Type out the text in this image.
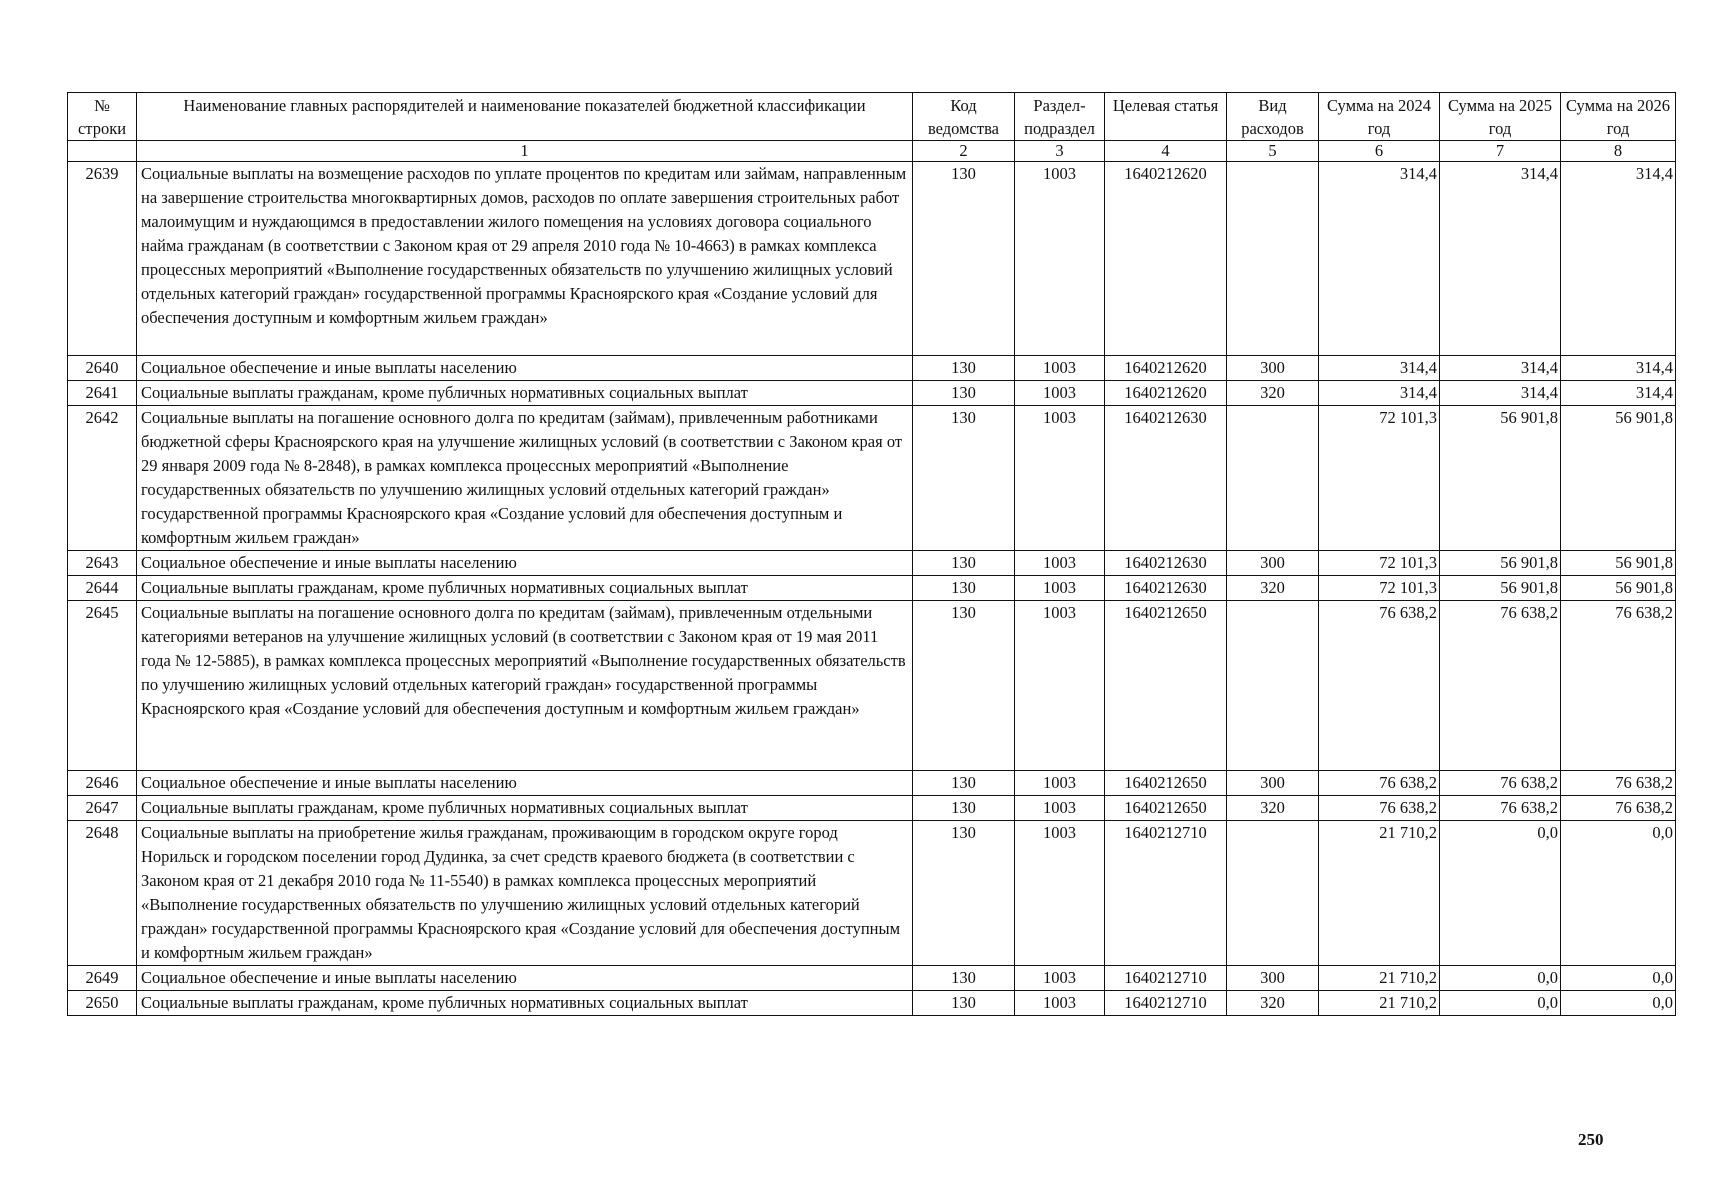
№ строки	Наименование главных распорядителей и наименование показателей бюджетной классификации	Код ведомства	Раздел-подраздел	Целевая статья	Вид расходов	Сумма на 2024 год	Сумма на 2025 год	Сумма на 2026 год
	1	2	3	4	5	6	7	8
2639	Социальные выплаты на возмещение расходов по уплате процентов по кредитам или займам, направленным на завершение строительства многоквартирных домов, расходов по оплате завершения строительных работ малоимущим и нуждающимся в предоставлении жилого помещения на условиях договора социального найма гражданам (в соответствии с Законом края от 29 апреля 2010 года № 10-4663) в рамках комплекса процессных мероприятий «Выполнение государственных обязательств по улучшению жилищных условий отдельных категорий граждан» государственной программы Красноярского края «Создание условий для обеспечения доступным и комфортным жильем граждан»	130	1003	1640212620		314,4	314,4	314,4
2640	Социальное обеспечение и иные выплаты населению	130	1003	1640212620	300	314,4	314,4	314,4
2641	Социальные выплаты гражданам, кроме публичных нормативных социальных выплат	130	1003	1640212620	320	314,4	314,4	314,4
2642	Социальные выплаты на погашение основного долга по кредитам (займам), привлеченным работниками бюджетной сферы Красноярского края на улучшение жилищных условий (в соответствии с Законом края от 29 января 2009 года № 8-2848), в рамках комплекса процессных мероприятий «Выполнение государственных обязательств по улучшению жилищных условий отдельных категорий граждан» государственной программы Красноярского края «Создание условий для обеспечения доступным и комфортным жильем граждан»	130	1003	1640212630		72 101,3	56 901,8	56 901,8
2643	Социальное обеспечение и иные выплаты населению	130	1003	1640212630	300	72 101,3	56 901,8	56 901,8
2644	Социальные выплаты гражданам, кроме публичных нормативных социальных выплат	130	1003	1640212630	320	72 101,3	56 901,8	56 901,8
2645	Социальные выплаты на погашение основного долга по кредитам (займам), привлеченным отдельными категориями ветеранов на улучшение жилищных условий (в соответствии с Законом края от 19 мая 2011 года № 12-5885), в рамках комплекса процессных мероприятий «Выполнение государственных обязательств по улучшению жилищных условий отдельных категорий граждан» государственной программы Красноярского края «Создание условий для обеспечения доступным и комфортным жильем граждан»	130	1003	1640212650		76 638,2	76 638,2	76 638,2
2646	Социальное обеспечение и иные выплаты населению	130	1003	1640212650	300	76 638,2	76 638,2	76 638,2
2647	Социальные выплаты гражданам, кроме публичных нормативных социальных выплат	130	1003	1640212650	320	76 638,2	76 638,2	76 638,2
2648	Социальные выплаты на приобретение жилья гражданам, проживающим в городском округе город Норильск и городском поселении город Дудинка, за счет средств краевого бюджета (в соответствии с Законом края от 21 декабря 2010 года № 11-5540) в рамках комплекса процессных мероприятий «Выполнение государственных обязательств по улучшению жилищных условий отдельных категорий граждан» государственной программы Красноярского края «Создание условий для обеспечения доступным и комфортным жильем граждан»	130	1003	1640212710		21 710,2	0,0	0,0
2649	Социальное обеспечение и иные выплаты населению	130	1003	1640212710	300	21 710,2	0,0	0,0
2650	Социальные выплаты гражданам, кроме публичных нормативных социальных выплат	130	1003	1640212710	320	21 710,2	0,0	0,0
250
